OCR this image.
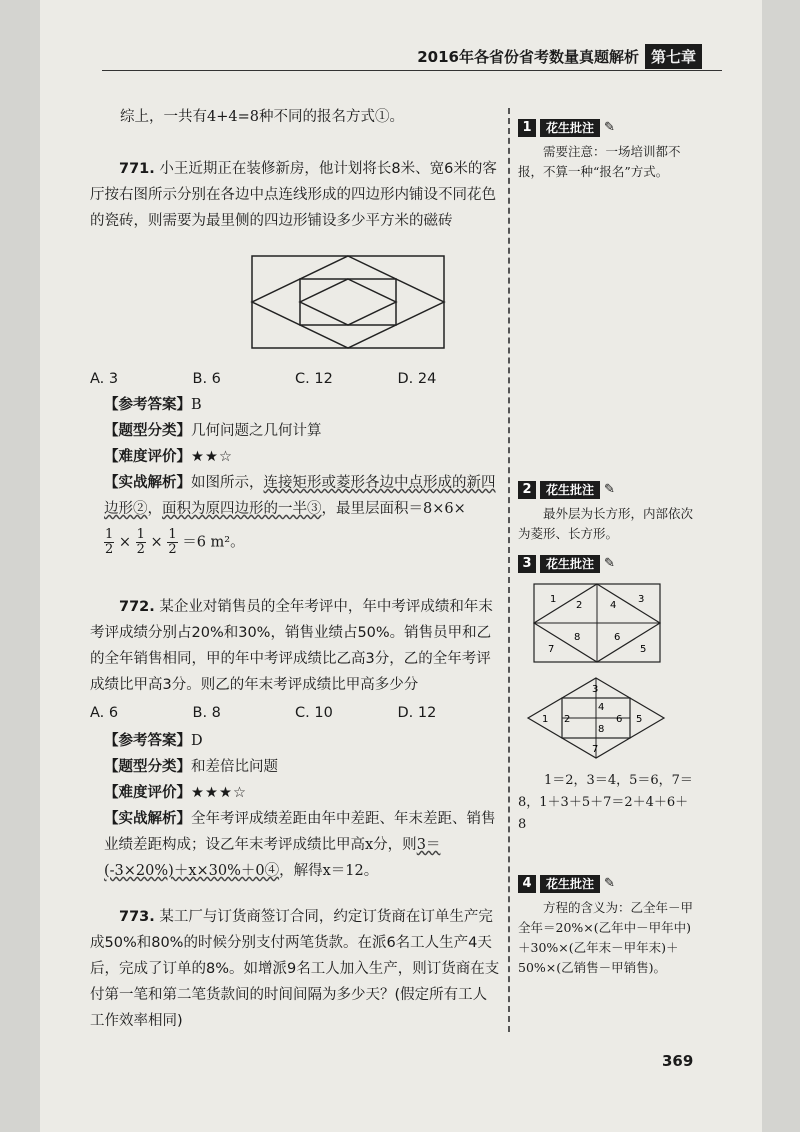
2016年各省份省考数量真题解析 第七章

综上，一共有4+4=8种不同的报名方式①。

771. 小王近期正在装修新房，他计划将长8米、宽6米的客厅按右图所示分别在各边中点连线形成的四边形内铺设不同花色的瓷砖，则需要为最里侧的四边形铺设多少平方米的磁砖

A. 3	B. 6	C. 12	D. 24

【参考答案】B

【题型分类】几何问题之几何计算

【难度评价】★★☆

【实战解析】如图所示，连接矩形或菱形各边中点形成的新四边形②，面积为原四边形的一半③，最里层面积＝8×6×

$\frac{1}{2} \times \frac{1}{2} \times \frac{1}{2} =6$ m²。

772. 某企业对销售员的全年考评中，年中考评成绩和年末考评成绩分别占20%和30%，销售业绩占50%。销售员甲和乙的全年销售相同，甲的年中考评成绩比乙高3分，乙的全年考评成绩比甲高3分。则乙的年末考评成绩比甲高多少分

A. 6	B. 8	C. 10	D. 12

【参考答案】D

【题型分类】和差倍比问题

【难度评价】★★★☆

【实战解析】全年考评成绩差距由年中差距、年末差距、销售业绩差距构成；设乙年末考评成绩比甲高x分，则3＝(-3×20%)＋x×30%＋0④，解得x＝12。

773. 某工厂与订货商签订合同，约定订货商在订单生产完成50%和80%的时候分别支付两笔货款。在派6名工人生产4天后，完成了订单的8%。如增派9名工人加入生产，则订货商在支付第一笔和第二笔货款间的时间间隔为多少天？(假定所有工人工作效率相同)

1	花生批注 ✎

需要注意：一场培训都不报，不算一种“报名”方式。

2	花生批注 ✎

最外层为长方形，内部依次为菱形、长方形。

3	花生批注 ✎
1
2
3
4
5
6
7
8

3
4
1 2	6 5
8
7

1＝2，3＝4，5＝6，7＝8，1＋3＋5＋7＝2＋4＋6＋8

4	花生批注 ✎

方程的含义为：乙全年－甲全年＝20%×(乙年中－甲年中)＋30%×(乙年末－甲年末)＋50%×(乙销售－甲销售)。

369
